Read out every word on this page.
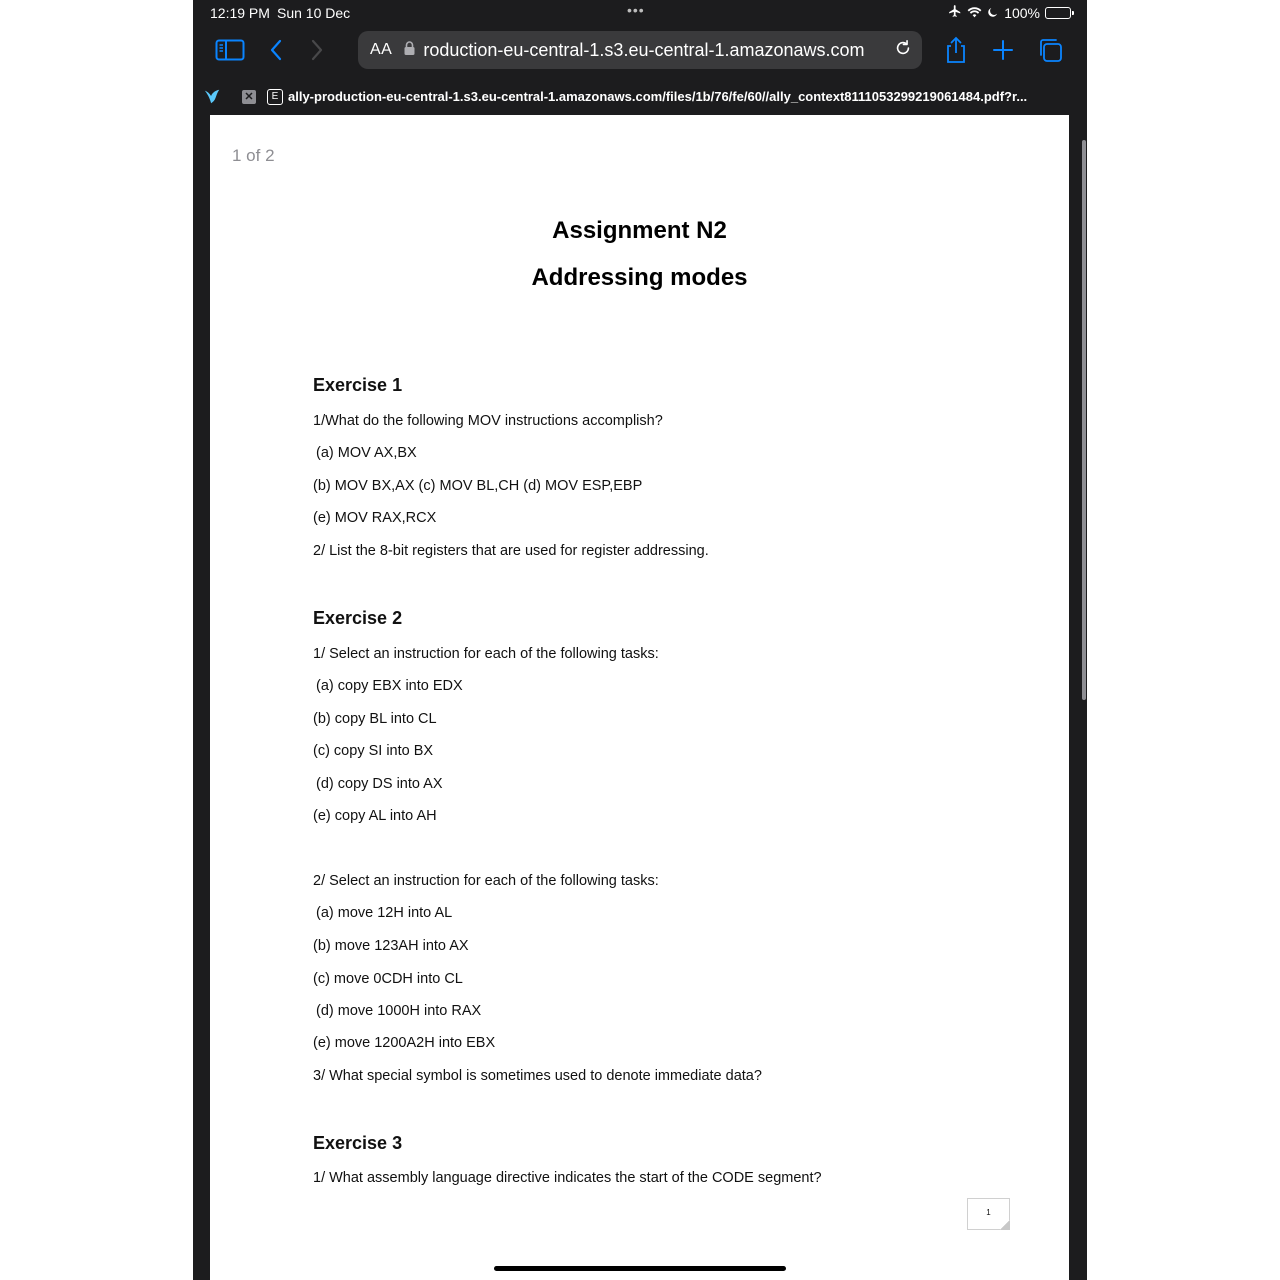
12:19 PM Sun 10 Dec	•••	100%
AA roduction-eu-central-1.s3.eu-central-1.amazonaws.com
✕	E ally-production-eu-central-1.s3.eu-central-1.amazonaws.com/files/1b/76/fe/60//ally_context8111053299219061484.pdf?r...
1 of 2
Assignment N2
Addressing modes
Exercise 1
1/What do the following MOV instructions accomplish?
(a) MOV AX,BX
(b) MOV BX,AX (c) MOV BL,CH (d) MOV ESP,EBP
(e) MOV RAX,RCX
2/ List the 8-bit registers that are used for register addressing.
Exercise 2
1/ Select an instruction for each of the following tasks:
(a) copy EBX into EDX
(b) copy BL into CL
(c) copy SI into BX
(d) copy DS into AX
(e) copy AL into AH
2/ Select an instruction for each of the following tasks:
(a) move 12H into AL
(b) move 123AH into AX
(c) move 0CDH into CL
(d) move 1000H into RAX
(e) move 1200A2H into EBX
3/ What special symbol is sometimes used to denote immediate data?
Exercise 3
1/ What assembly language directive indicates the start of the CODE segment?
1
